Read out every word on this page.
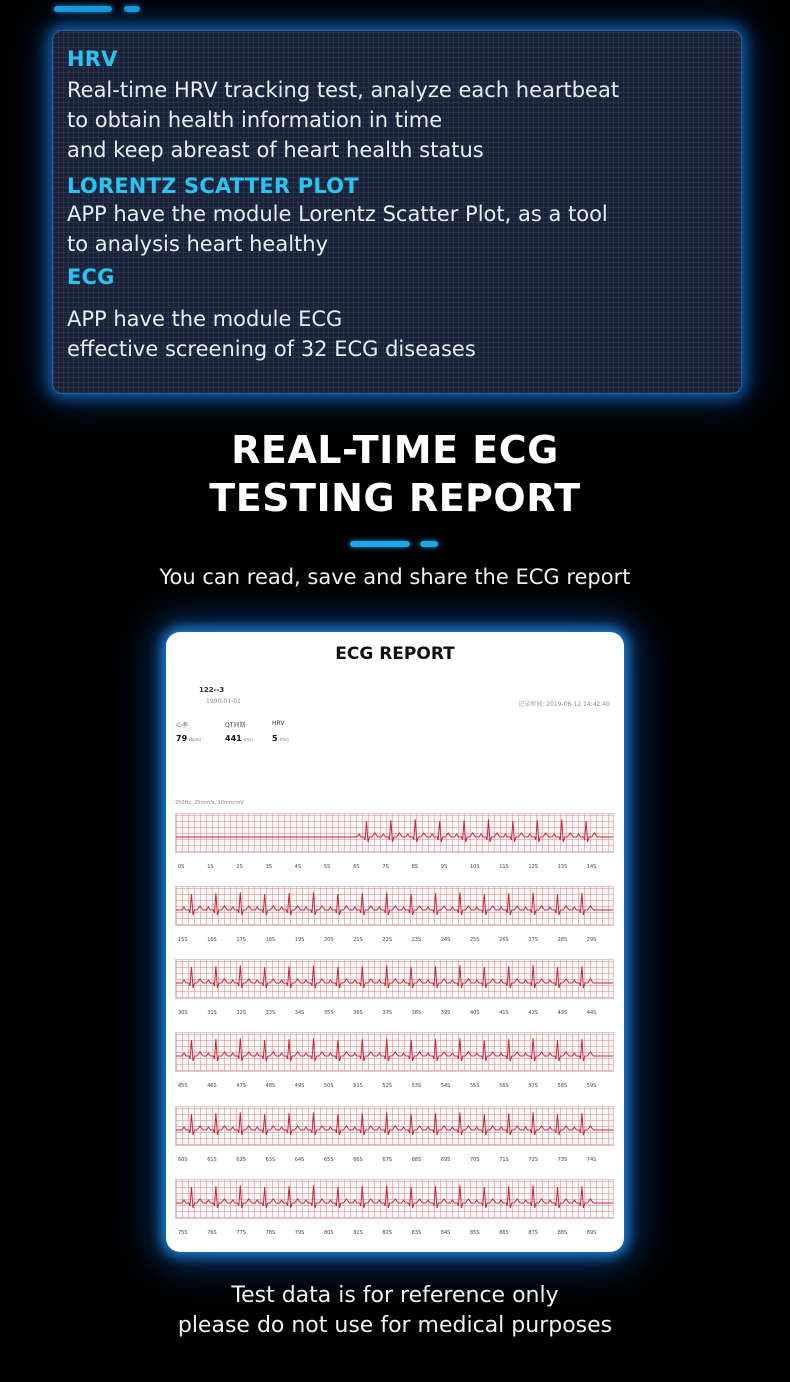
HRV
Real-time HRV tracking test, analyze each heartbeat
to obtain health information in time
and keep abreast of heart health status
LORENTZ SCATTER PLOT
APP have the module Lorentz Scatter Plot, as a tool
to analysis heart healthy
ECG
APP have the module ECG
effective screening of 32 ECG diseases
REAL-TIME ECG
TESTING REPORT
You can read, save and share the ECG report
ECG REPORT
122--3
1990-01-01	记录时间: 2019-06-12 14:42:40
心率
79 (bpm)
QT间期
441 (ms)
HRV
5 (ms)
250Hz, 25mm/s, 10mm/mV
0S	1S	2S	3S	4S	5S	6S	7S	8S	9S	10S	11S	12S	13S	14S
15S	16S	17S	18S	19S	20S	21S	22S	23S	24S	25S	26S	27S	28S	29S
30S	31S	32S	33S	34S	35S	36S	37S	38S	39S	40S	41S	42S	43S	44S
45S	46S	47S	48S	49S	50S	51S	52S	53S	54S	55S	56S	57S	58S	59S
60S	61S	62S	63S	64S	65S	66S	67S	68S	69S	70S	71S	72S	73S	74S
75S	76S	77S	78S	79S	80S	81S	82S	83S	84S	85S	86S	87S	88S	89S
Test data is for reference only
please do not use for medical purposes
